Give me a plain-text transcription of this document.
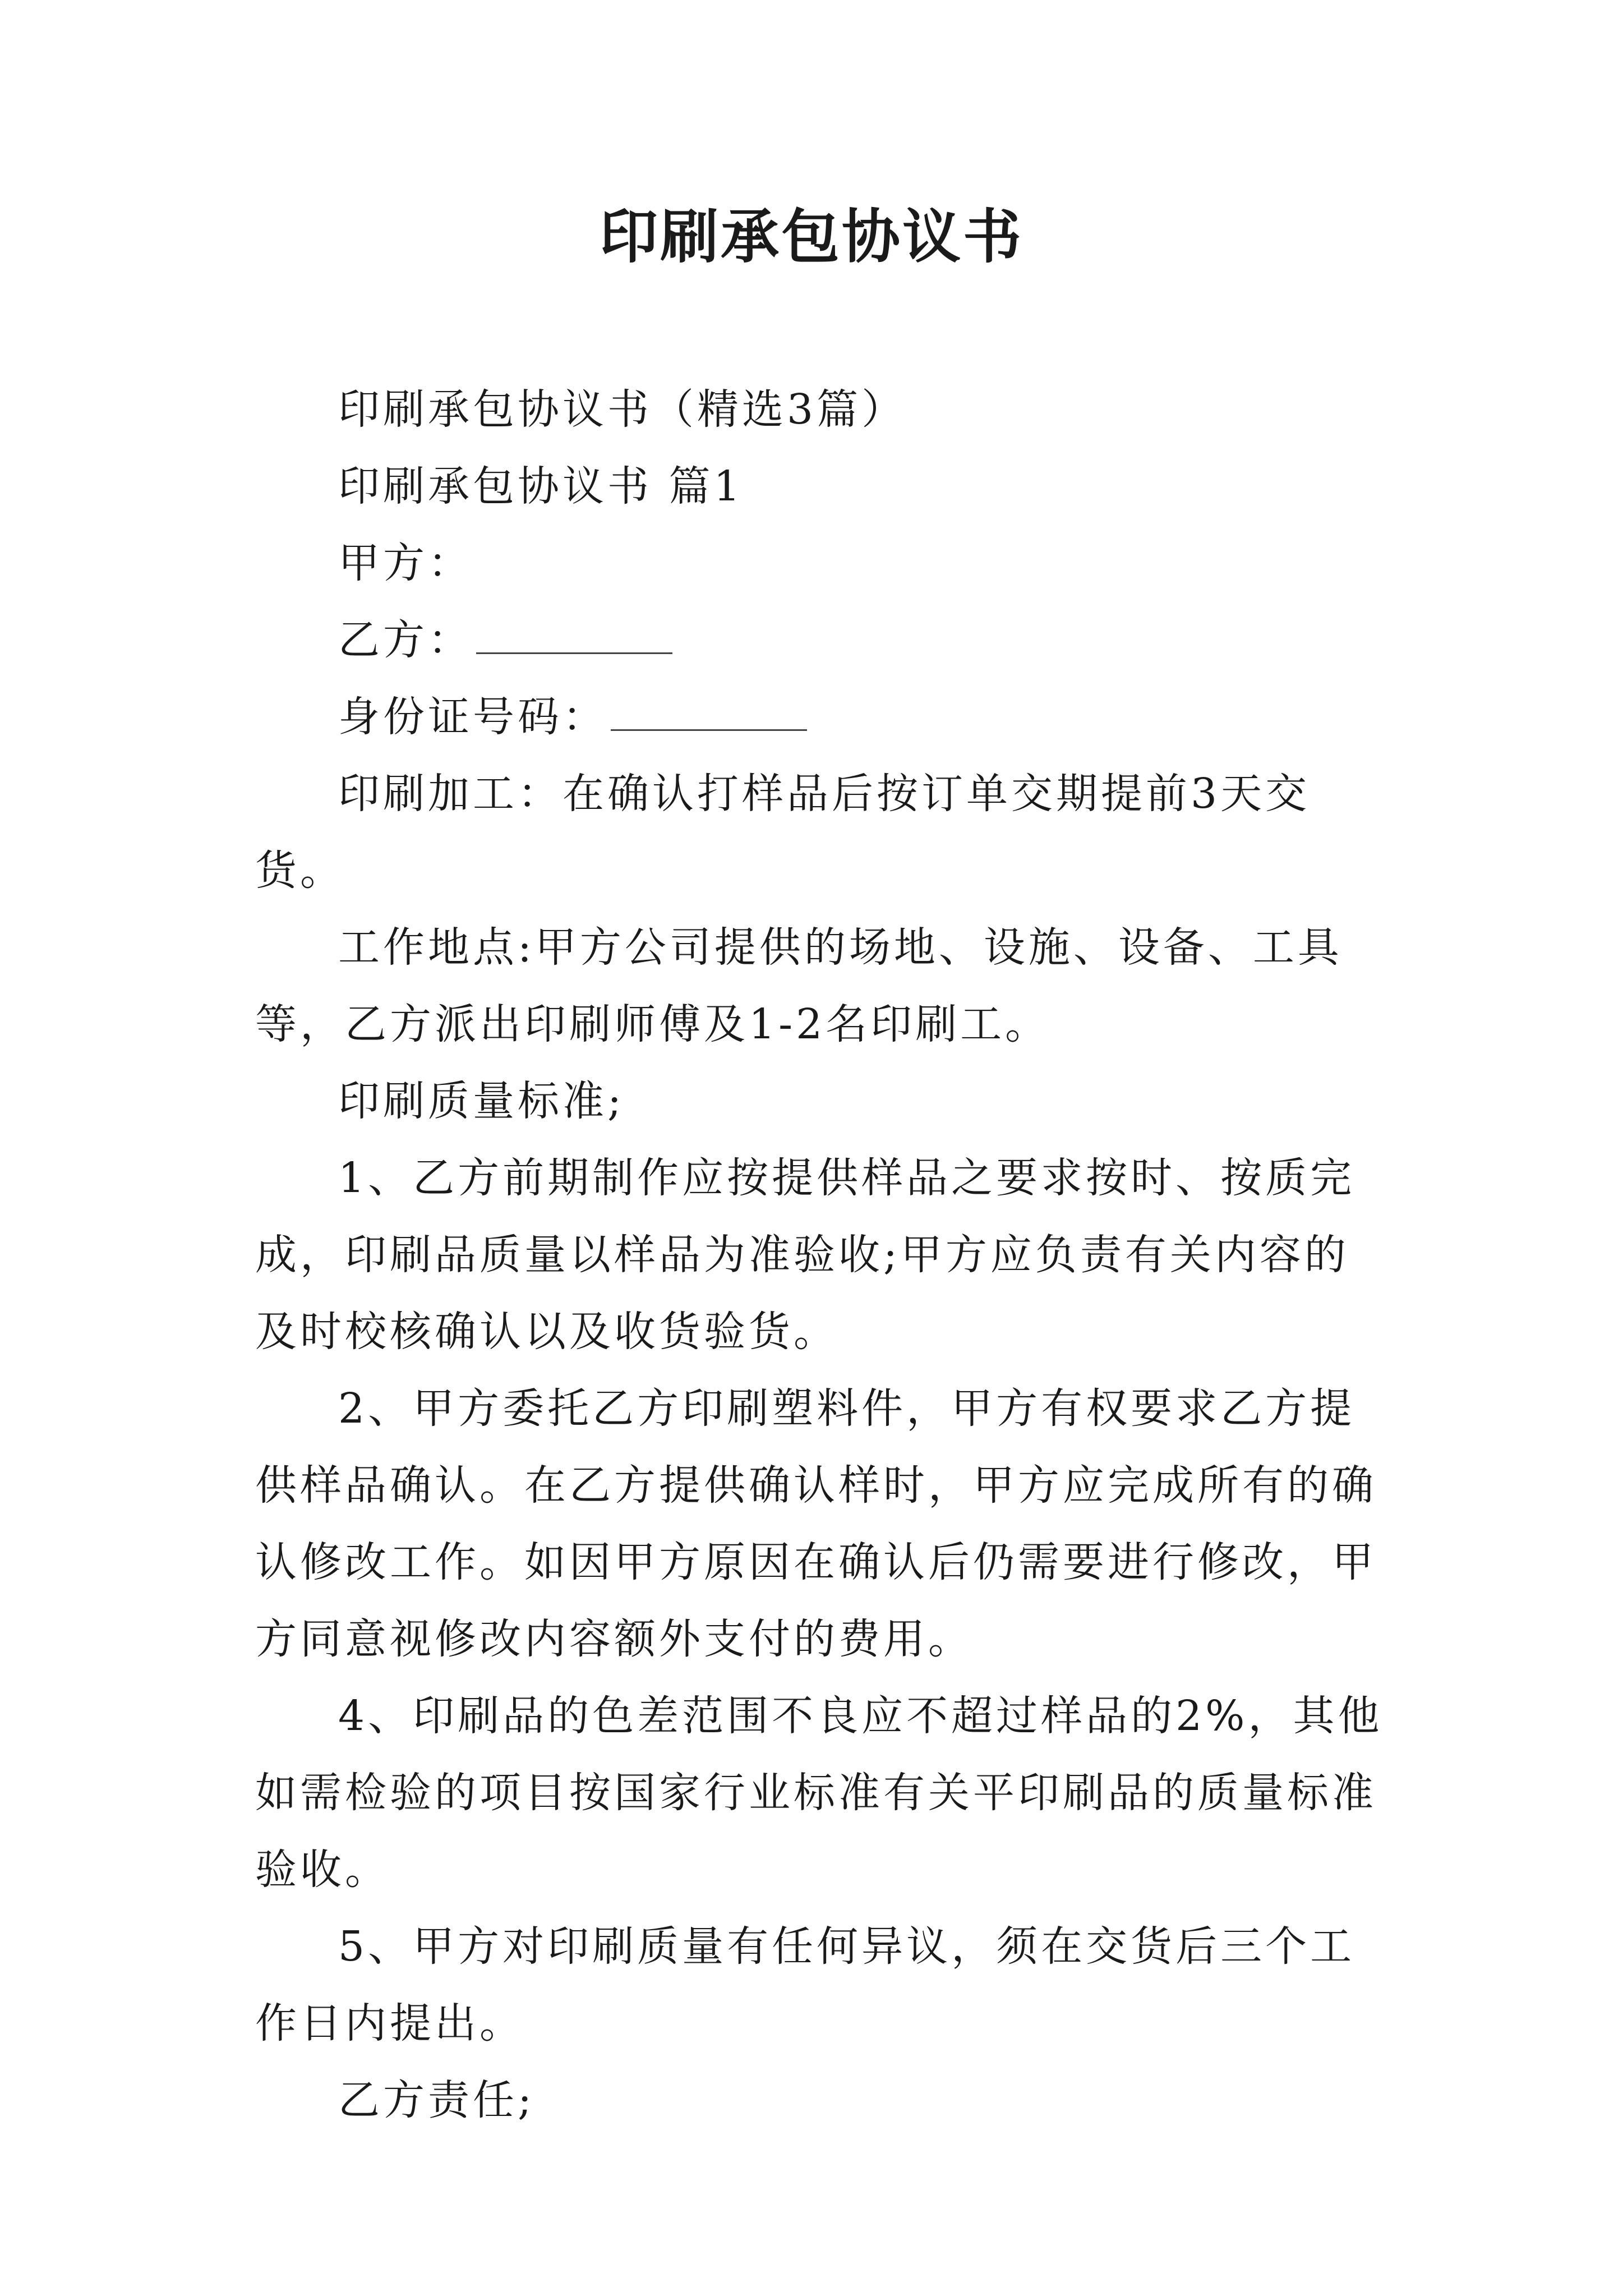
印刷承包协议书

印刷承包协议书（精选3篇）

印刷承包协议书 篇1

甲方：

乙方：

身份证号码：

印刷加工：在确认打样品后按订单交期提前3天交货。

工作地点:甲方公司提供的场地、设施、设备、工具等，乙方派出印刷师傅及1-2名印刷工。

印刷质量标准;

1、乙方前期制作应按提供样品之要求按时、按质完成，印刷品质量以样品为准验收;甲方应负责有关内容的及时校核确认以及收货验货。

2、甲方委托乙方印刷塑料件，甲方有权要求乙方提供样品确认。在乙方提供确认样时，甲方应完成所有的确认修改工作。如因甲方原因在确认后仍需要进行修改，甲方同意视修改内容额外支付的费用。

4、印刷品的色差范围不良应不超过样品的2%，其他如需检验的项目按国家行业标准有关平印刷品的质量标准验收。

5、甲方对印刷质量有任何异议，须在交货后三个工作日内提出。

乙方责任;
